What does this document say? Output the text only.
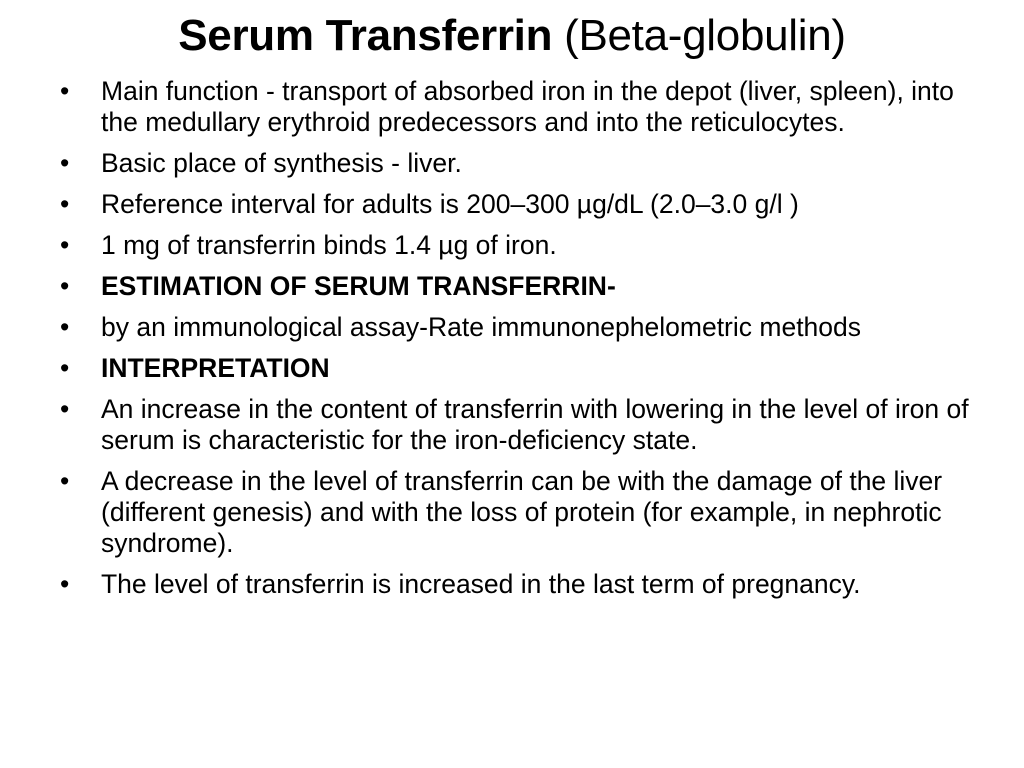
Serum Transferrin (Beta-globulin)
• Main function - transport of absorbed iron in the depot (liver, spleen), into the medullary erythroid predecessors and into the reticulocytes.
• Basic place of synthesis - liver.
• Reference interval for adults is 200–300 µg/dL (2.0–3.0 g/l )
• 1 mg of transferrin binds 1.4 µg of iron.
• ESTIMATION OF SERUM TRANSFERRIN-
• by an immunological assay-Rate immunonephelometric methods
• INTERPRETATION
• An increase in the content of transferrin with lowering in the level of iron of serum is characteristic for the iron-deficiency state.
• A decrease in the level of transferrin can be with the damage of the liver (different genesis) and with the loss of protein (for example, in nephrotic syndrome).
• The level of transferrin is increased in the last term of pregnancy.
